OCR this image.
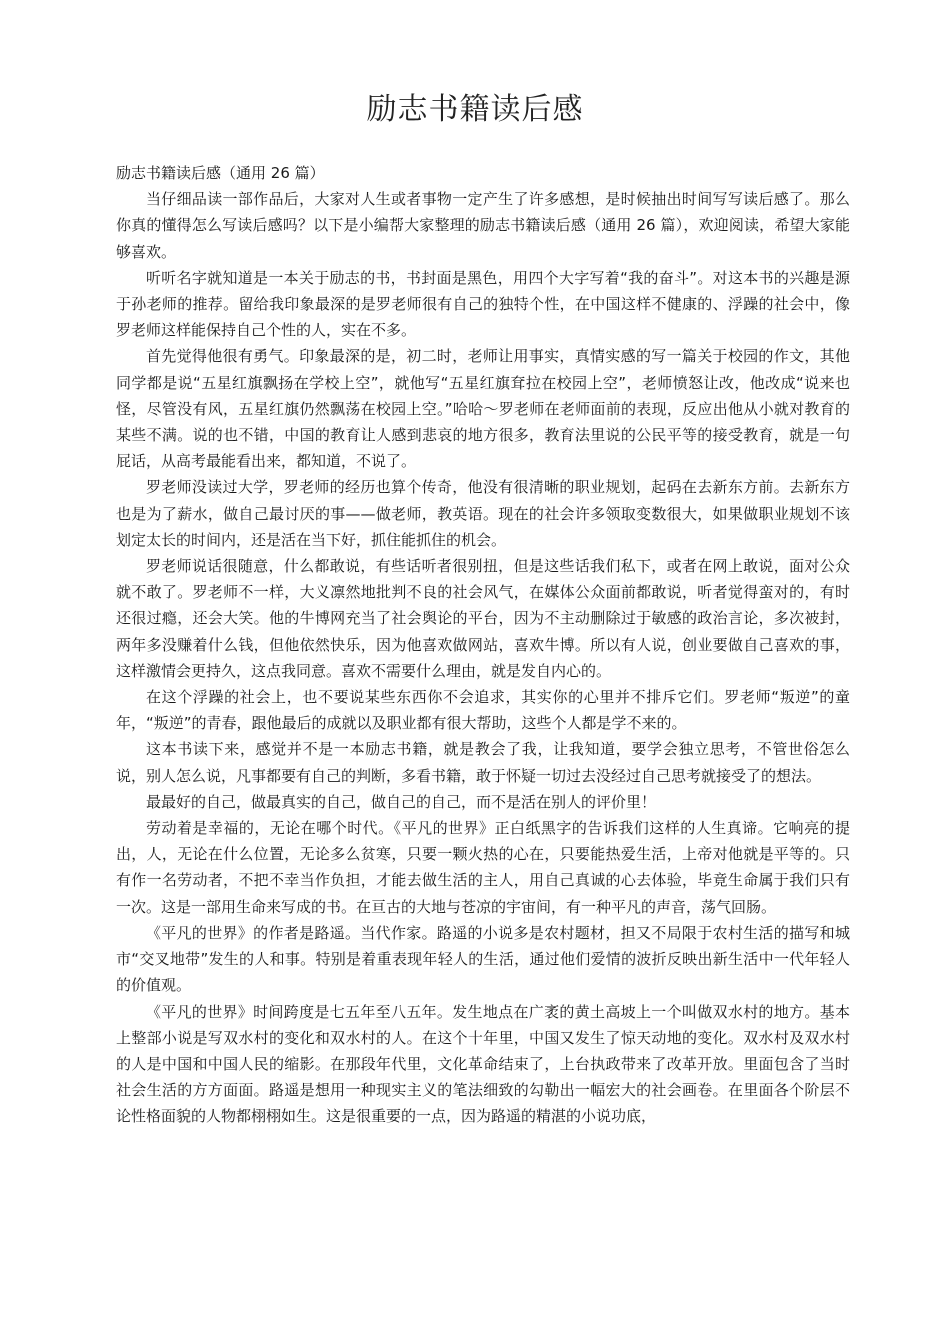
励志书籍读后感

励志书籍读后感（通用 26 篇）

当仔细品读一部作品后，大家对人生或者事物一定产生了许多感想，是时候抽出时间写写读后感了。那么你真的懂得怎么写读后感吗？以下是小编帮大家整理的励志书籍读后感（通用 26 篇），欢迎阅读，希望大家能够喜欢。

听听名字就知道是一本关于励志的书，书封面是黑色，用四个大字写着“我的奋斗”。对这本书的兴趣是源于孙老师的推荐。留给我印象最深的是罗老师很有自己的独特个性，在中国这样不健康的、浮躁的社会中，像罗老师这样能保持自己个性的人，实在不多。

首先觉得他很有勇气。印象最深的是，初二时，老师让用事实，真情实感的写一篇关于校园的作文，其他同学都是说“五星红旗飘扬在学校上空”，就他写“五星红旗耷拉在校园上空”，老师愤怒让改，他改成“说来也怪，尽管没有风，五星红旗仍然飘荡在校园上空。”哈哈～罗老师在老师面前的表现，反应出他从小就对教育的某些不满。说的也不错，中国的教育让人感到悲哀的地方很多，教育法里说的公民平等的接受教育，就是一句屁话，从高考最能看出来，都知道，不说了。

罗老师没读过大学，罗老师的经历也算个传奇，他没有很清晰的职业规划，起码在去新东方前。去新东方也是为了薪水，做自己最讨厌的事——做老师，教英语。现在的社会许多领取变数很大，如果做职业规划不该划定太长的时间内，还是活在当下好，抓住能抓住的机会。

罗老师说话很随意，什么都敢说，有些话听者很别扭，但是这些话我们私下，或者在网上敢说，面对公众就不敢了。罗老师不一样，大义凛然地批判不良的社会风气，在媒体公众面前都敢说，听者觉得蛮对的，有时还很过瘾，还会大笑。他的牛博网充当了社会舆论的平台，因为不主动删除过于敏感的政治言论，多次被封，两年多没赚着什么钱，但他依然快乐，因为他喜欢做网站，喜欢牛博。所以有人说，创业要做自己喜欢的事，这样激情会更持久，这点我同意。喜欢不需要什么理由，就是发自内心的。

在这个浮躁的社会上，也不要说某些东西你不会追求，其实你的心里并不排斥它们。罗老师“叛逆”的童年，“叛逆”的青春，跟他最后的成就以及职业都有很大帮助，这些个人都是学不来的。

这本书读下来，感觉并不是一本励志书籍，就是教会了我，让我知道，要学会独立思考，不管世俗怎么说，别人怎么说，凡事都要有自己的判断，多看书籍，敢于怀疑一切过去没经过自己思考就接受了的想法。

最最好的自己，做最真实的自己，做自己的自己，而不是活在别人的评价里！

劳动着是幸福的，无论在哪个时代。《平凡的世界》正白纸黑字的告诉我们这样的人生真谛。它响亮的提出，人，无论在什么位置，无论多么贫寒，只要一颗火热的心在，只要能热爱生活，上帝对他就是平等的。只有作一名劳动者，不把不幸当作负担，才能去做生活的主人，用自己真诚的心去体验，毕竟生命属于我们只有一次。这是一部用生命来写成的书。在亘古的大地与苍凉的宇宙间，有一种平凡的声音，荡气回肠。

《平凡的世界》的作者是路遥。当代作家。路遥的小说多是农村题材，担又不局限于农村生活的描写和城市“交叉地带”发生的人和事。特别是着重表现年轻人的生活，通过他们爱情的波折反映出新生活中一代年轻人的价值观。

《平凡的世界》时间跨度是七五年至八五年。发生地点在广袤的黄土高坡上一个叫做双水村的地方。基本上整部小说是写双水村的变化和双水村的人。在这个十年里，中国又发生了惊天动地的变化。双水村及双水村的人是中国和中国人民的缩影。在那段年代里，文化革命结束了，上台执政带来了改革开放。里面包含了当时社会生活的方方面面。路遥是想用一种现实主义的笔法细致的勾勒出一幅宏大的社会画卷。在里面各个阶层不论性格面貌的人物都栩栩如生。这是很重要的一点，因为路遥的精湛的小说功底，
